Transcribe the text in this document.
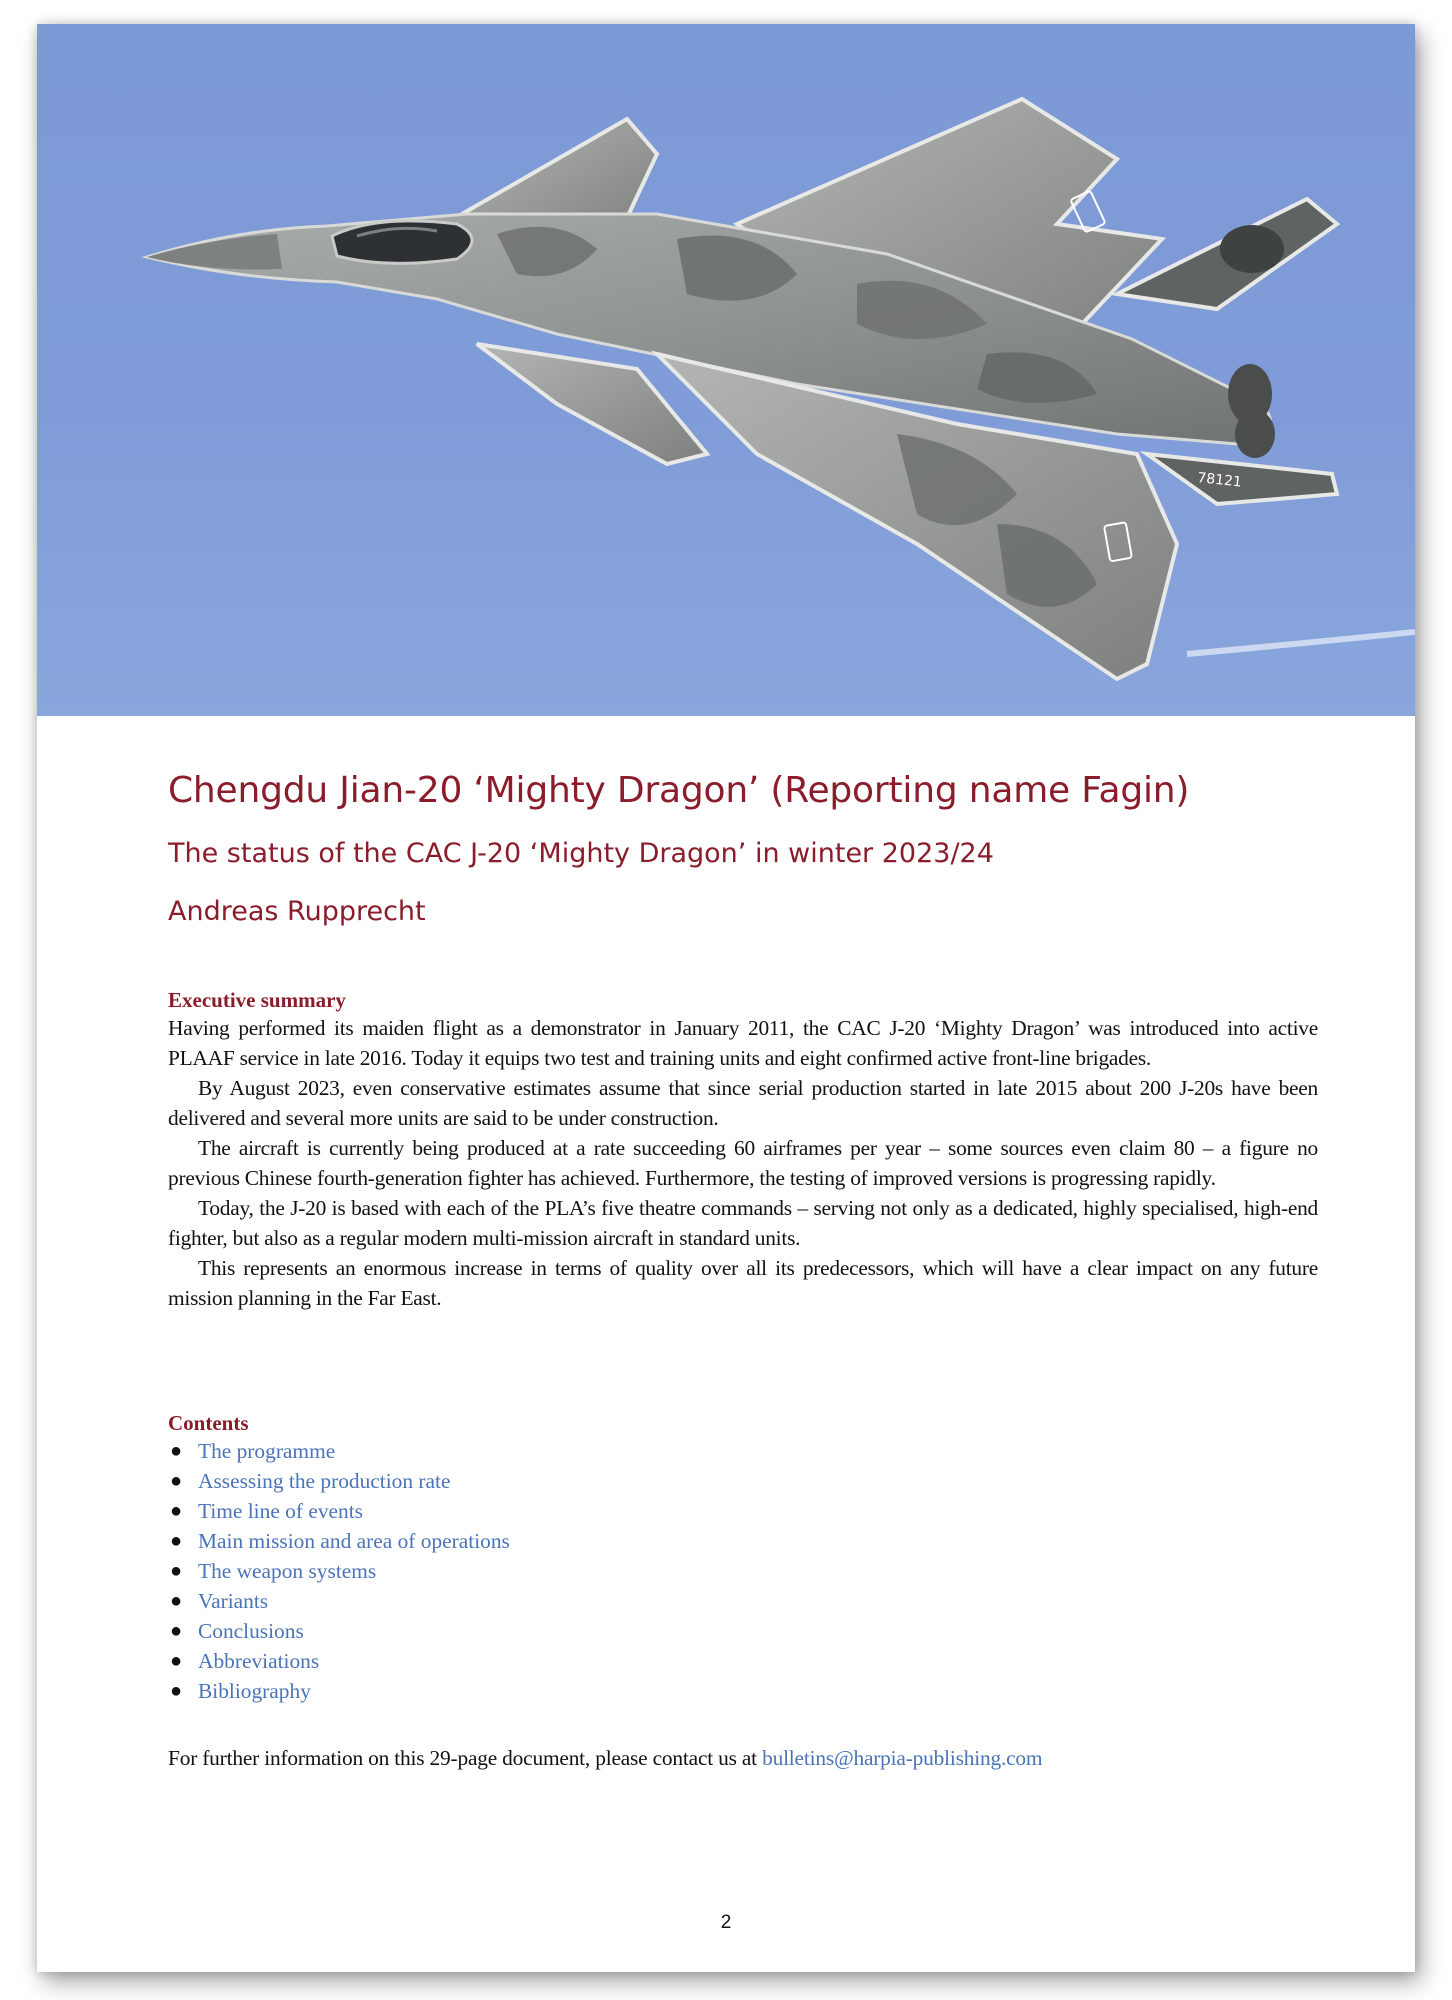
78121
Chengdu Jian-20 ‘Mighty Dragon’ (Reporting name Fagin)
The status of the CAC J-20 ‘Mighty Dragon’ in winter 2023/24
Andreas Rupprecht
Executive summary

Having performed its maiden flight as a demonstrator in January 2011, the CAC J-20 ‘Mighty Dragon’ was introduced into active PLAAF service in late 2016. Today it equips two test and training units and eight confirmed active front-line brigades.

By August 2023, even conservative estimates assume that since serial production started in late 2015 about 200 J-20s have been delivered and several more units are said to be under construction.

The aircraft is currently being produced at a rate succeeding 60 airframes per year – some sources even claim 80 – a figure no previous Chinese fourth-generation fighter has achieved. Furthermore, the testing of improved versions is progressing rapidly.

Today, the J-20 is based with each of the PLA’s five theatre commands – serving not only as a dedicated, highly specialised, high-end fighter, but also as a regular modern multi-mission aircraft in standard units.

This represents an enormous increase in terms of quality over all its predecessors, which will have a clear impact on any future mission planning in the Far East.

Contents
● The programme
● Assessing the production rate
● Time line of events
● Main mission and area of operations
● The weapon systems
● Variants
● Conclusions
● Abbreviations
● Bibliography

For further information on this 29-page document, please contact us at bulletins@harpia-publishing.com

2
